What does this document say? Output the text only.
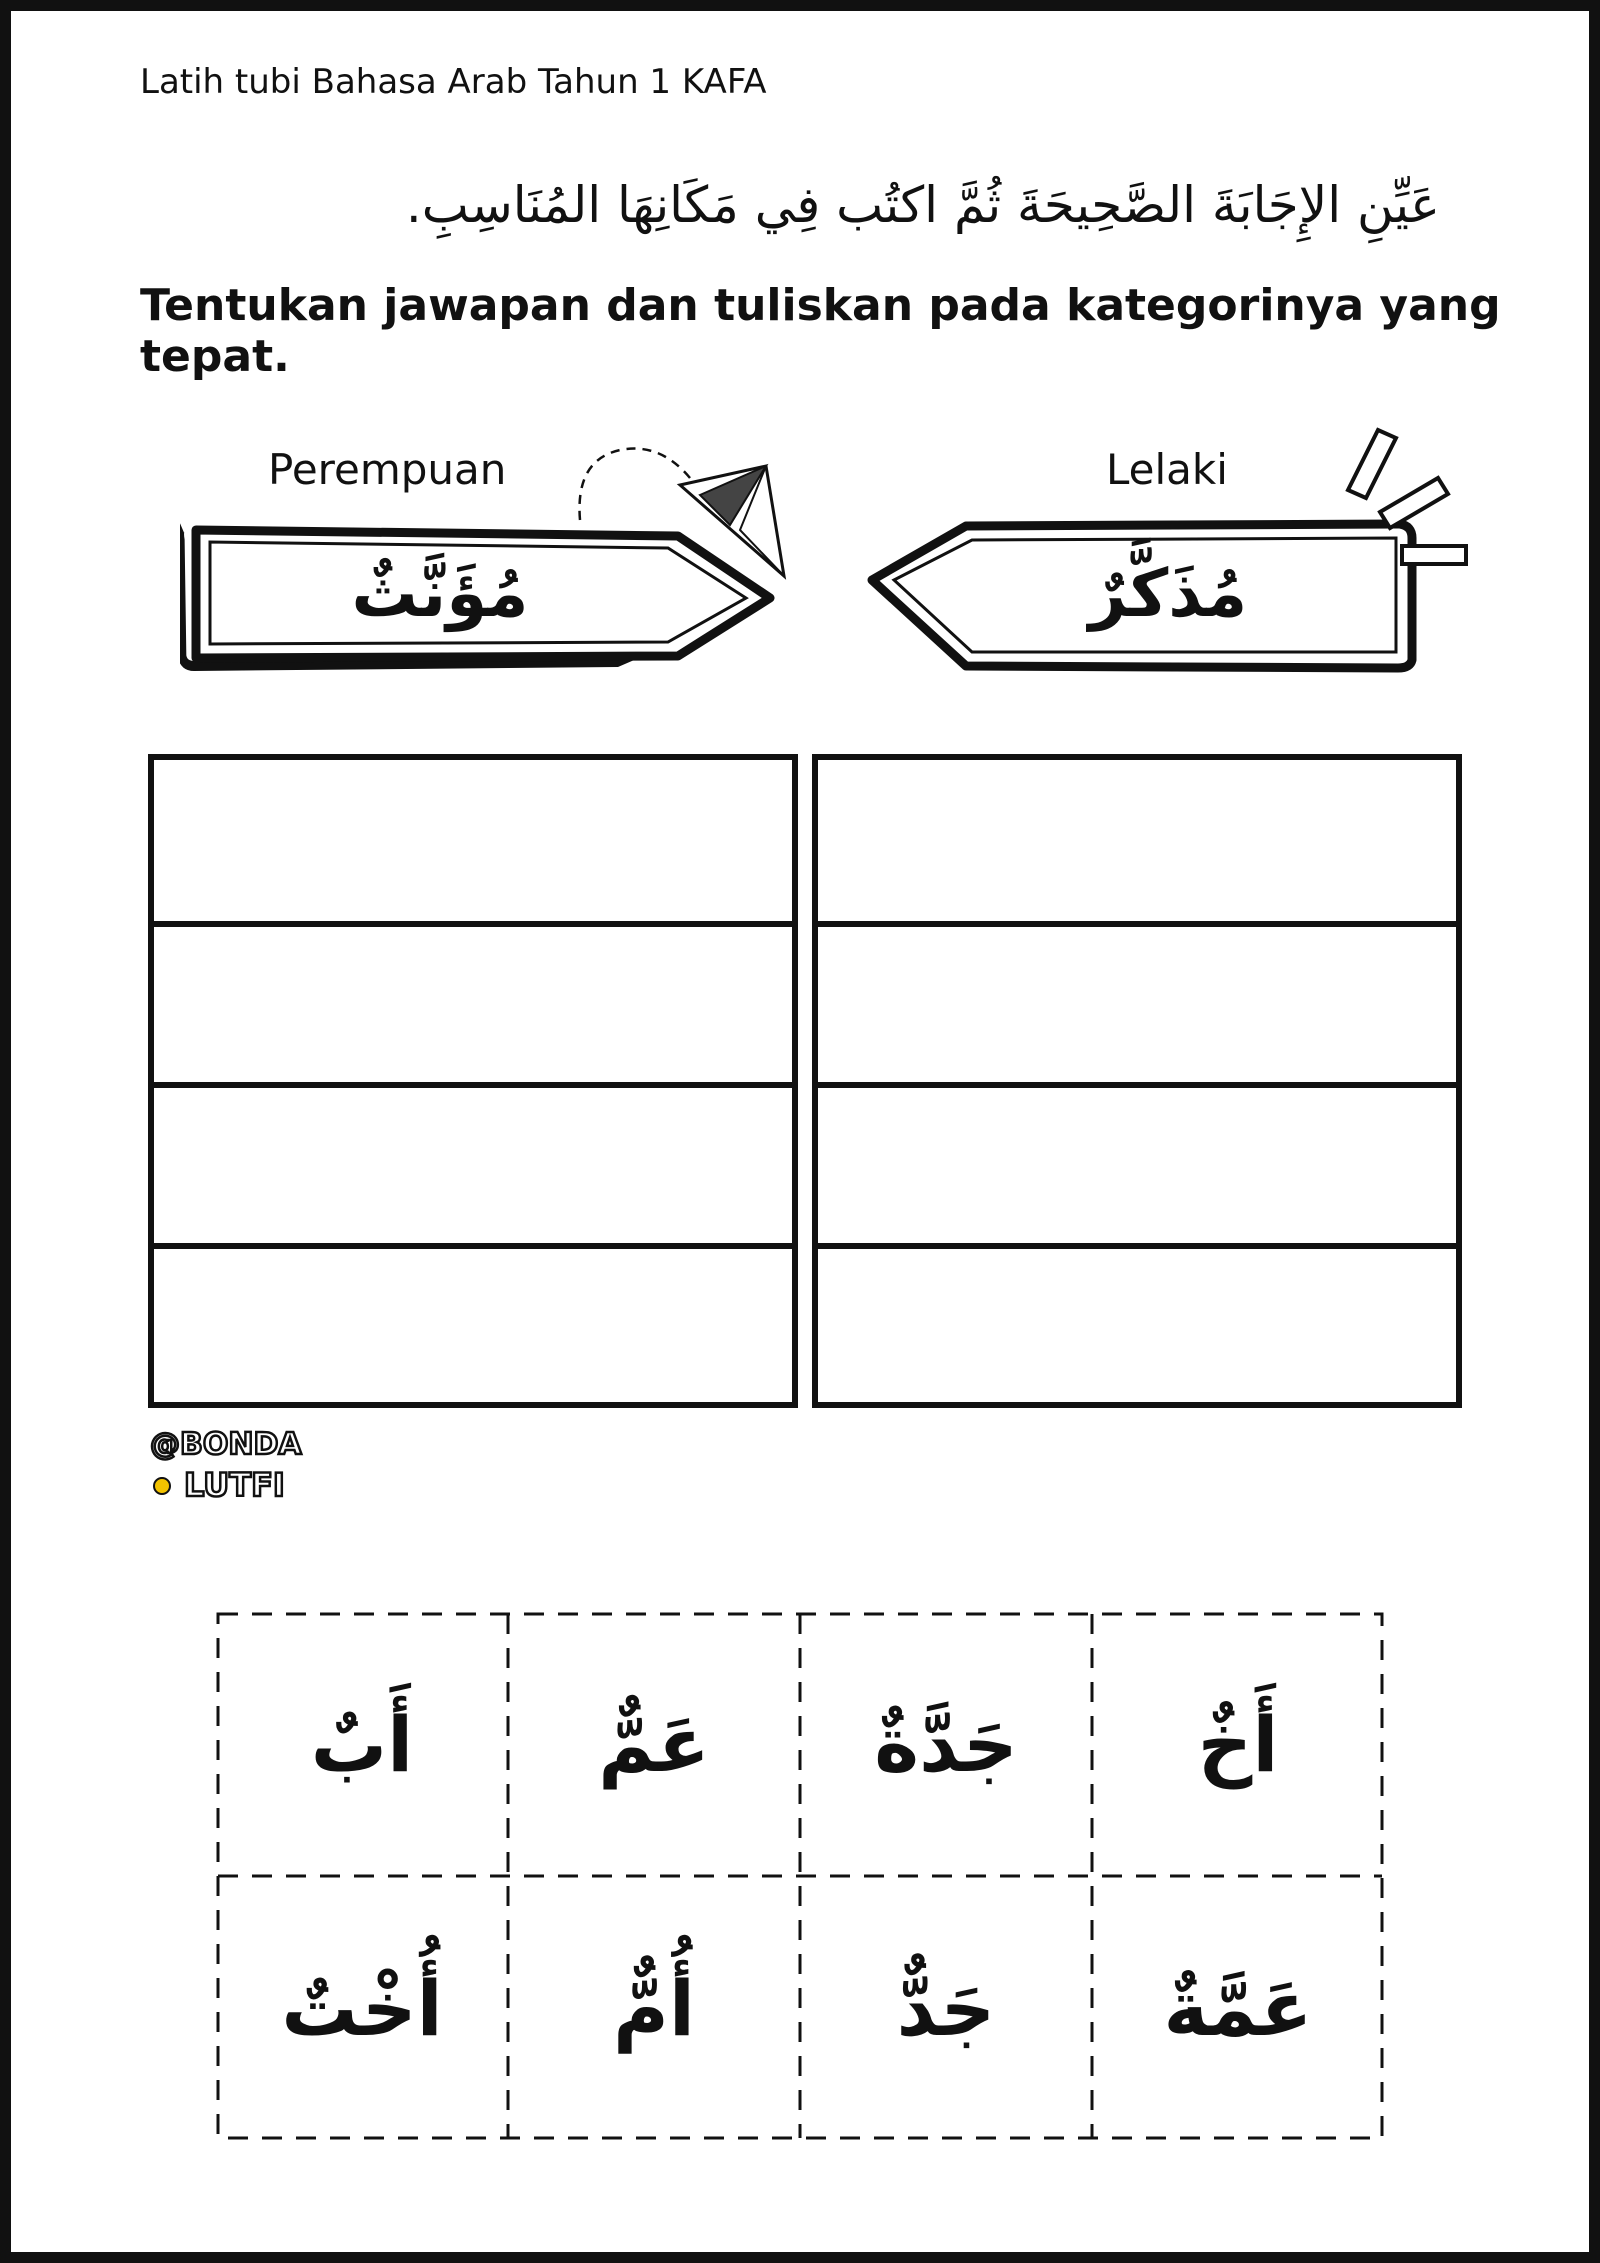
Latih tubi Bahasa Arab Tahun 1 KAFA
عَيِّنِ الإِجَابَةَ الصَّحِيحَةَ ثُمَّ اكتُب فِي مَكَانِهَا المُنَاسِبِ.
Tentukan jawapan dan tuliskan pada kategorinya yang tepat.
Perempuan
مُؤَنَّثٌ
Lelaki
مُذَكَّرٌ
@BONDA
LUTFI
أَبٌ	عَمٌّ	جَدَّةٌ	أَخٌ
أُخْتٌ	أُمٌّ	جَدٌّ	عَمَّةٌ
